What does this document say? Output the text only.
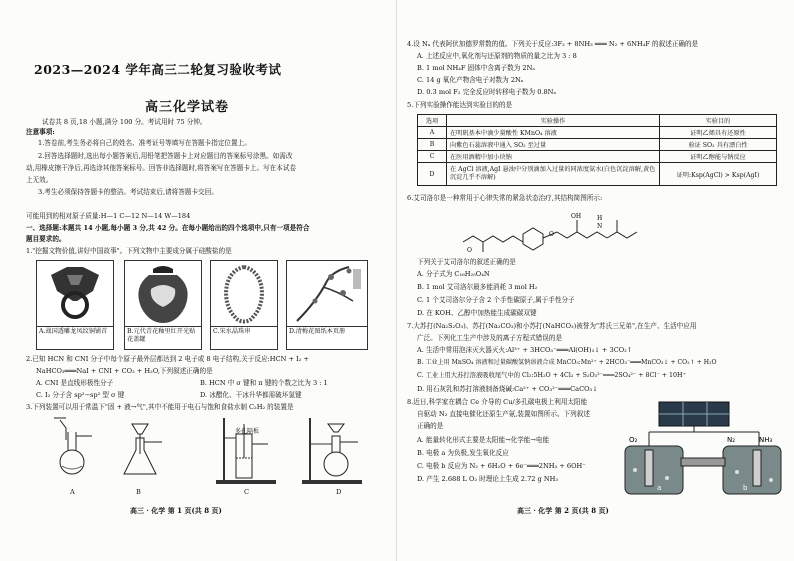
2023—2024 学年高三二轮复习验收考试
高三化学试卷
试卷共 8 页,18 小题,满分 100 分。考试用时 75 分钟。
注意事项:
1.答卷前,考生务必将自己的姓名、准考证号等填写在答题卡指定位置上。
2.回答选择题时,选出每小题答案后,用铅笔把答题卡上对应题目的答案标号涂黑。如需改
动,用橡皮擦干净后,再选涂其他答案标号。回答非选择题时,将答案写在答题卡上。写在本试卷
上无效。
3.考生必须保持答题卡的整洁。考试结束后,请将答题卡交回。
可能用到的相对原子质量:H—1 C—12 N—14 W—184
一、选择题:本题共 14 小题,每小题 3 分,共 42 分。在每小题给出的四个选项中,只有一项是符合
题目要求的。
1."挖掘文物价值,讲好中国故事"。下列文物中主要成分属于硅酸盐的是
A.战国透雕龙凤纹铜铺首	B.元代青花釉里红开光贴花盖罐
C.宋水晶珠串	D.清梅花图纸本页册
2.已知 HCN 和 CNI 分子中每个原子最外层都达到 2 电子或 8 电子结构,关于反应:HCN + I₂ +
NaHCO₃═══NaI + CNI + CO₂ + H₂O,下列叙述正确的是
A. CNI 是直线形极性分子	B. HCN 中 σ 键和 π 键的个数之比为 3 : 1
C. I₂ 分子含 sp²−sp² 型 σ 键	D. 冰醋化、干冰升华都需破坏氢键
3.下列装置可以用于常温下"固 + 液→气",其中不能用于电石与饱和食盐水制 C₂H₂ 的装置是
多孔隔板
A	B	C	D
高三 · 化学 第 1 页(共 8 页)
4.设 Nₐ 代表阿伏加德罗常数的值。下列关于反应:3F₂ + 8NH₃ ═══ N₂ + 6NH₄F 的叙述正确的是
A. 上述反应中,氧化剂与还原剂的物质的量之比为 3 : 8
B. 1 mol NH₄F 固体中含离子数为 2Nₐ
C. 14 g 氧化产物含电子对数为 2Nₐ
D. 0.3 mol F₂ 完全反应时转移电子数为 0.8Nₐ
5.下列实验操作能达到实验目的的是
选项	实验操作	实验目的
A	在明矾基本中滴少量酸性 KMnO₄ 溶液	证明乙烯具有还原性
B	向紫色石蕊溶液中通入 SO₂ 至过量	验证 SO₂ 具有漂白性
C	在医用酒精中加小块钠	证明乙醇能与钠反应
D	在 AgCl 溶液,AgI 悬浊中分别滴加入过量的同浓度氨水(白色沉淀溶解,黄色沉淀几乎不溶解)	证明:Ksp(AgCl) > Ksp(AgI)
6.艾司洛尔是一种常用于心律失常的紧急状态治疗,其结构简图所示:
O
O
OH
N
H
下列关于艾司洛尔的叙述正确的是
A. 分子式为 C₁₆H₂₅O₄N
B. 1 mol 艾司洛尔最多能消耗 3 mol H₂
C. 1 个艾司洛尔分子含 2 个手性碳原子,属于手性分子
D. 在 KOH、乙醇中加热能生成碳碳双键
7.大苏打(Na₂S₂O₃)、苏打(Na₂CO₃)和小苏打(NaHCO₃)被誉为"苏氏三兄弟",在生产、生活中应用
广泛。下列化工生产中涉及的离子方程式错误的是
A. 生活中常用泡沫灭火器灭火:Al³⁺ + 3HCO₃⁻═══Al(OH)₃↓ + 3CO₂↑
B. 工业上用 MnSO₄ 溶液和过量碳酸氢钠溶液合成 MnCO₃:Mn²⁺ + 2HCO₃⁻═══MnCO₃↓ + CO₂↑ + H₂O
C. 工业上用大苏打溶液吸收尾气中的 Cl₂:5H₂O + 4Cl₂ + S₂O₃²⁻═══2SO₄²⁻ + 8Cl⁻ + 10H⁺
D. 用石灰乳和苏打溶液制备烧碱:Ca²⁺ + CO₃²⁻═══CaCO₃↓
8.近日,科学家在耦合 Ce 介导的 Cu/多孔碳电极上利用太阳能
自驱动 N₂ 直接电催化还原生产氨,装置如图所示。下列叙述
正确的是
A. 能量转化形式主要是太阳能→化学能→电能
B. 电极 a 为负极,发生氧化反应
C. 电极 b 反应为 N₂ + 6H₂O + 6e⁻═══2NH₃ + 6OH⁻
D. 产生 2.688 L O₂ 时理论上生成 2.72 g NH₃
O₂	N₂	NH₃
a	b
高三 · 化学 第 2 页(共 8 页)
